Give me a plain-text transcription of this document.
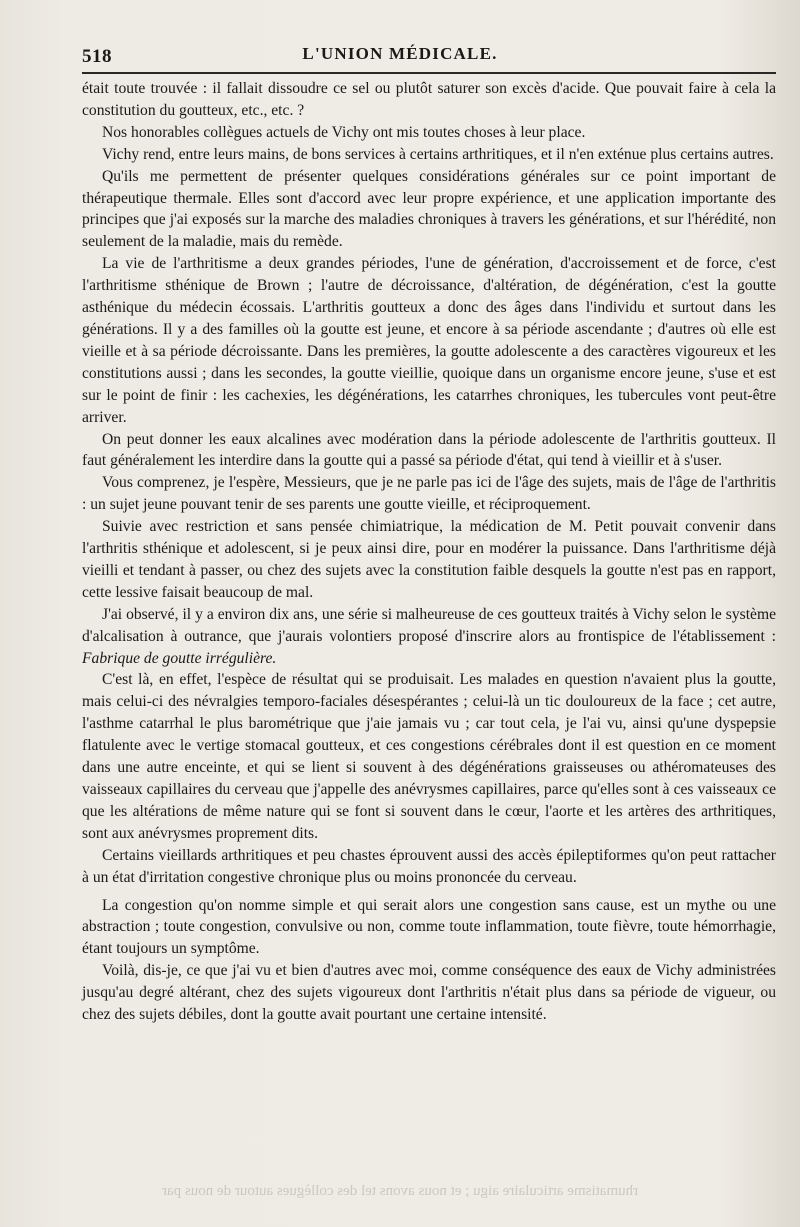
518	L'UNION MÉDICALE.

était toute trouvée : il fallait dissoudre ce sel ou plutôt saturer son excès d'acide. Que pouvait faire à cela la constitution du goutteux, etc., etc. ?

Nos honorables collègues actuels de Vichy ont mis toutes choses à leur place.

Vichy rend, entre leurs mains, de bons services à certains arthritiques, et il n'en exténue plus certains autres.

Qu'ils me permettent de présenter quelques considérations générales sur ce point important de thérapeutique thermale. Elles sont d'accord avec leur propre expérience, et une application importante des principes que j'ai exposés sur la marche des maladies chroniques à travers les générations, et sur l'hérédité, non seulement de la maladie, mais du remède.

La vie de l'arthritisme a deux grandes périodes, l'une de génération, d'accroissement et de force, c'est l'arthritisme sthénique de Brown ; l'autre de décroissance, d'altération, de dégénération, c'est la goutte asthénique du médecin écossais. L'arthritis goutteux a donc des âges dans l'individu et surtout dans les générations. Il y a des familles où la goutte est jeune, et encore à sa période ascendante ; d'autres où elle est vieille et à sa période décroissante. Dans les premières, la goutte adolescente a des caractères vigoureux et les constitutions aussi ; dans les secondes, la goutte vieillie, quoique dans un organisme encore jeune, s'use et est sur le point de finir : les cachexies, les dégénérations, les catarrhes chroniques, les tubercules vont peut-être arriver.

On peut donner les eaux alcalines avec modération dans la période adolescente de l'arthritis goutteux. Il faut généralement les interdire dans la goutte qui a passé sa période d'état, qui tend à vieillir et à s'user.

Vous comprenez, je l'espère, Messieurs, que je ne parle pas ici de l'âge des sujets, mais de l'âge de l'arthritis : un sujet jeune pouvant tenir de ses parents une goutte vieille, et réciproquement.

Suivie avec restriction et sans pensée chimiatrique, la médication de M. Petit pouvait convenir dans l'arthritis sthénique et adolescent, si je peux ainsi dire, pour en modérer la puissance. Dans l'arthritisme déjà vieilli et tendant à passer, ou chez des sujets avec la constitution faible desquels la goutte n'est pas en rapport, cette lessive faisait beaucoup de mal.

J'ai observé, il y a environ dix ans, une série si malheureuse de ces goutteux traités à Vichy selon le système d'alcalisation à outrance, que j'aurais volontiers proposé d'inscrire alors au frontispice de l'établissement : Fabrique de goutte irrégulière.

C'est là, en effet, l'espèce de résultat qui se produisait. Les malades en question n'avaient plus la goutte, mais celui-ci des névralgies temporo-faciales désespérantes ; celui-là un tic douloureux de la face ; cet autre, l'asthme catarrhal le plus barométrique que j'aie jamais vu ; car tout cela, je l'ai vu, ainsi qu'une dyspepsie flatulente avec le vertige stomacal goutteux, et ces congestions cérébrales dont il est question en ce moment dans une autre enceinte, et qui se lient si souvent à des dégénérations graisseuses ou athéromateuses des vaisseaux capillaires du cerveau que j'appelle des anévrysmes capillaires, parce qu'elles sont à ces vaisseaux ce que les altérations de même nature qui se font si souvent dans le cœur, l'aorte et les artères des arthritiques, sont aux anévrysmes proprement dits.

Certains vieillards arthritiques et peu chastes éprouvent aussi des accès épileptiformes qu'on peut rattacher à un état d'irritation congestive chronique plus ou moins prononcée du cerveau.

La congestion qu'on nomme simple et qui serait alors une congestion sans cause, est un mythe ou une abstraction ; toute congestion, convulsive ou non, comme toute inflammation, toute fièvre, toute hémorrhagie, étant toujours un symptôme.

Voilà, dis-je, ce que j'ai vu et bien d'autres avec moi, comme conséquence des eaux de Vichy administrées jusqu'au degré altérant, chez des sujets vigoureux dont l'arthritis n'était plus dans sa période de vigueur, ou chez des sujets débiles, dont la goutte avait pourtant une certaine intensité.

rhumatisme articulaire aigu ; et nous avons tel des collègues autour de nous par
